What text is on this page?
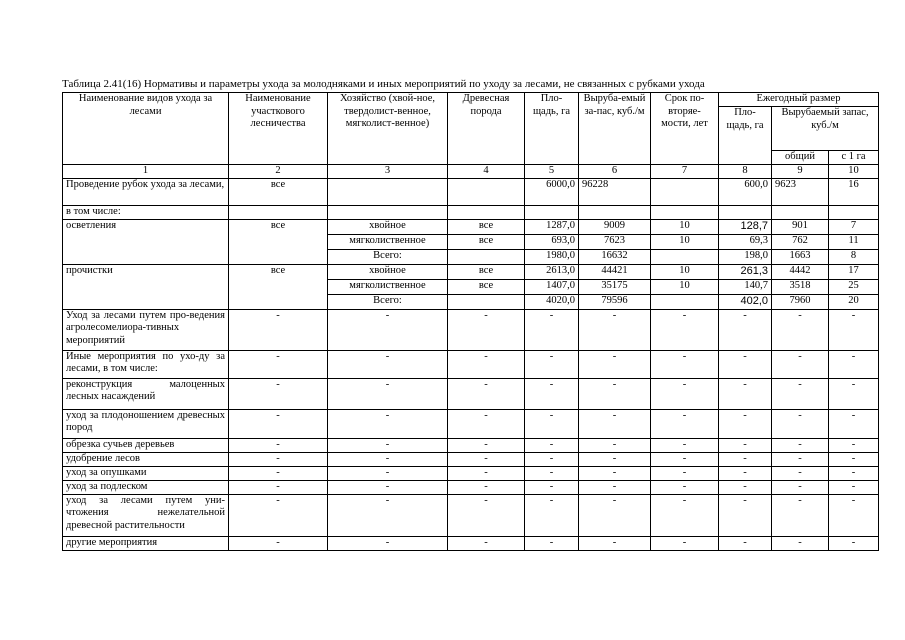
Таблица 2.41(16) Нормативы и параметры ухода за молодняками и иных мероприятий по уходу за лесами, не связанных с рубками ухода
Наименование видов ухода за лесами	Наименование участкового лесничества	Хозяйство (хвой-ное, твердолист-венное, мягколист-венное)	Древесная порода	Пло-щадь, га	Выруба-емый за-пас, куб./м	Срок по-вторяе-мости, лет	Ежегодный размер		
							Пло-щадь, га	Вырубаемый запас, куб./м	
								общий	с 1 га
1	2	3	4	5	6	7	8	9	10
Проведение рубок ухода за лесами,	все			6000,0	96228		600,0	9623	16
в том числе:									
осветления	все	хвойное	все	1287,0	9009	10	128,7	901	7
		мягколиственное	все	693,0	7623	10	69,3	762	11
		Всего:		1980,0	16632		198,0	1663	8
прочистки	все	хвойное	все	2613,0	44421	10	261,3	4442	17
		мягколиственное	все	1407,0	35175	10	140,7	3518	25
		Всего:		4020,0	79596		402,0	7960	20
Уход за лесами путем про-ведения агролесомелиора-тивных мероприятий	-	-	-	-	-	-	-	-	-
Иные мероприятия по ухо-ду за лесами, в том числе:	-	-	-	-	-	-	-	-	-
реконструкция малоценных лесных насаждений	-	-	-	-	-	-	-	-	-
уход за плодоношением древесных пород	-	-	-	-	-	-	-	-	-
обрезка сучьев деревьев	-	-	-	-	-	-	-	-	-
удобрение лесов	-	-	-	-	-	-	-	-	-
уход за опушками	-	-	-	-	-	-	-	-	-
уход за подлеском	-	-	-	-	-	-	-	-	-
уход за лесами путем уни-чтожения нежелательной древесной растительности	-	-	-	-	-	-	-	-	-
другие мероприятия	-	-	-	-	-	-	-	-	-
